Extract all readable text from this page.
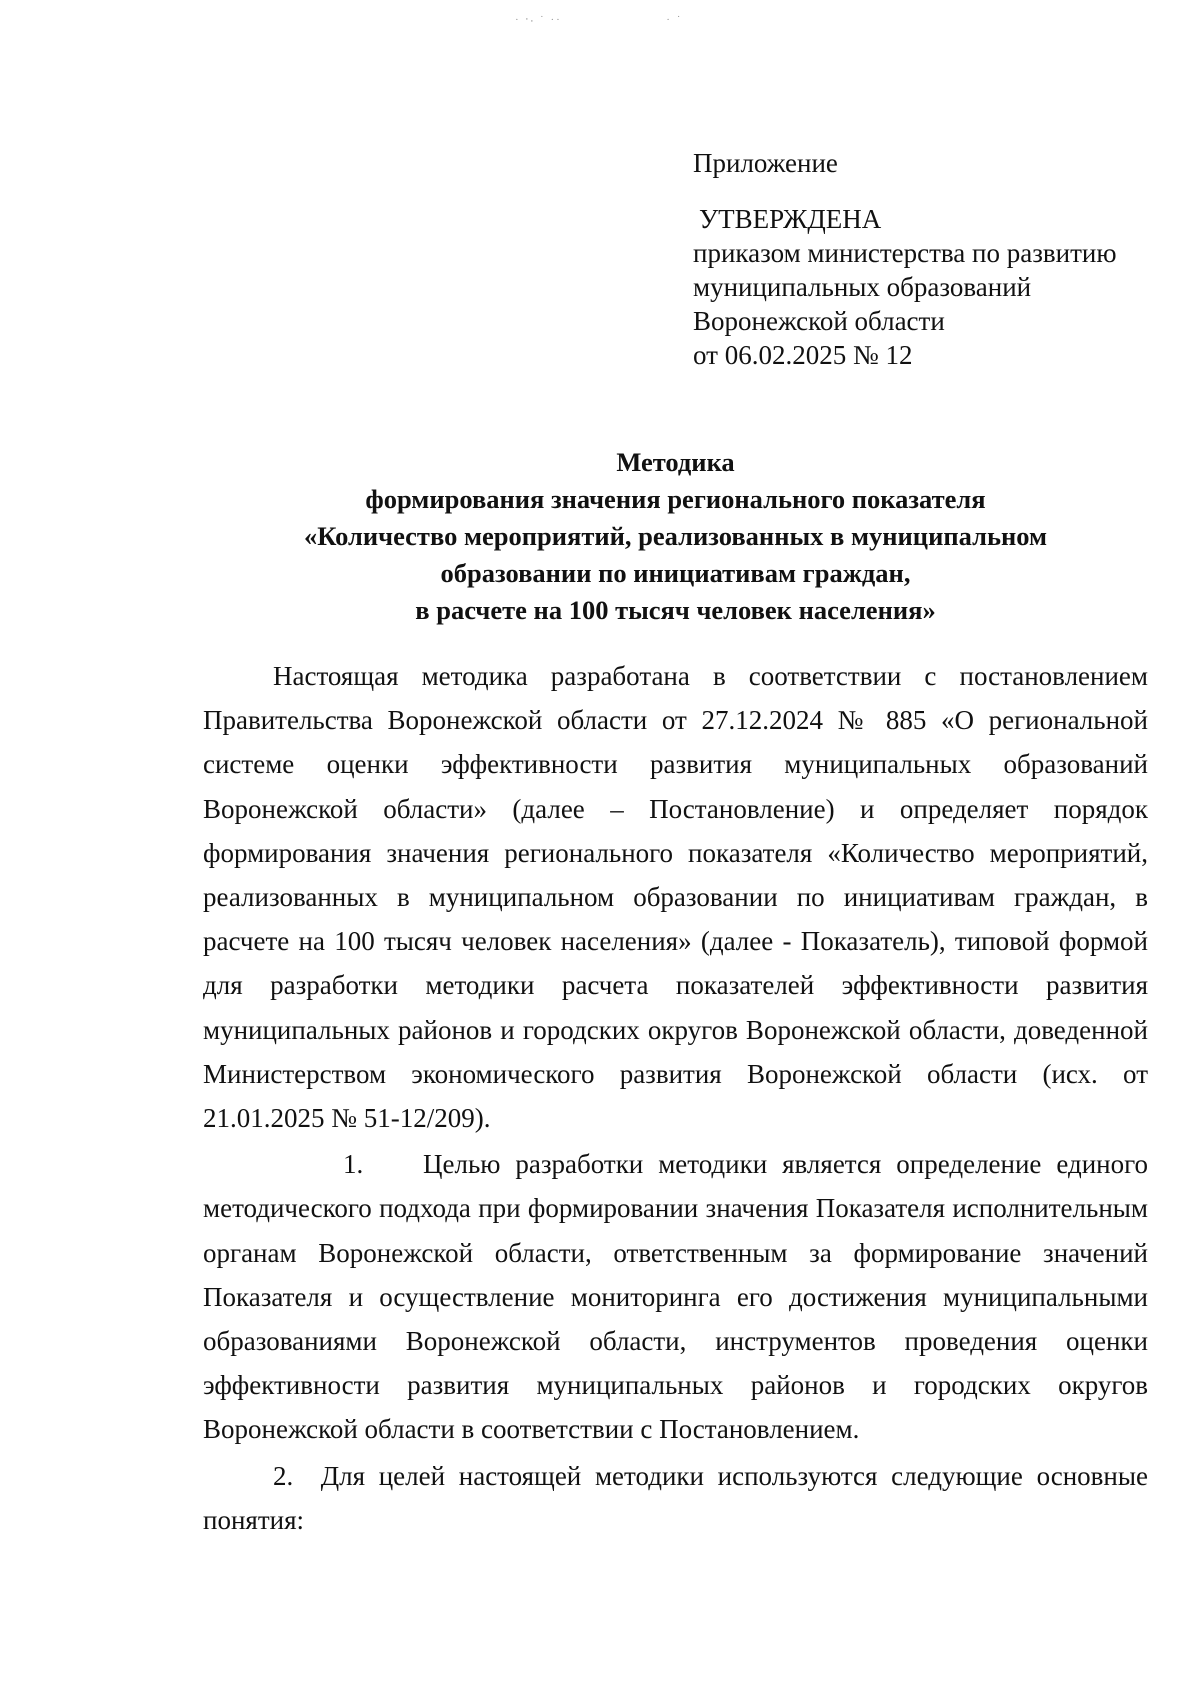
· ⸱⸳ ˙ ··                      · ˙
Приложение
УТВЕРЖДЕНА
приказом министерства по развитию
муниципальных образований
Воронежской области
от 06.02.2025 № 12
Методика
формирования значения регионального показателя
«Количество мероприятий, реализованных в муниципальном
образовании по инициативам граждан,
в расчете на 100 тысяч человек населения»

Настоящая методика разработана в соответствии с постановлением Правительства Воронежской области от 27.12.2024 № 885 «О региональной системе оценки эффективности развития муниципальных образований Воронежской области» (далее – Постановление) и определяет порядок формирования значения регионального показателя «Количество мероприятий, реализованных в муниципальном образовании по инициативам граждан, в расчете на 100 тысяч человек населения» (далее - Показатель), типовой формой для разработки методики расчета показателей эффективности развития муниципальных районов и городских округов Воронежской области, доведенной Министерством экономического развития Воронежской области (исх. от 21.01.2025 № 51-12/209).

1. Целью разработки методики является определение единого методического подхода при формировании значения Показателя исполнительным органам Воронежской области, ответственным за формирование значений Показателя и осуществление мониторинга его достижения муниципальными образованиями Воронежской области, инструментов проведения оценки эффективности развития муниципальных районов и городских округов Воронежской области в соответствии с Постановлением.

2. Для целей настоящей методики используются следующие основные понятия:
